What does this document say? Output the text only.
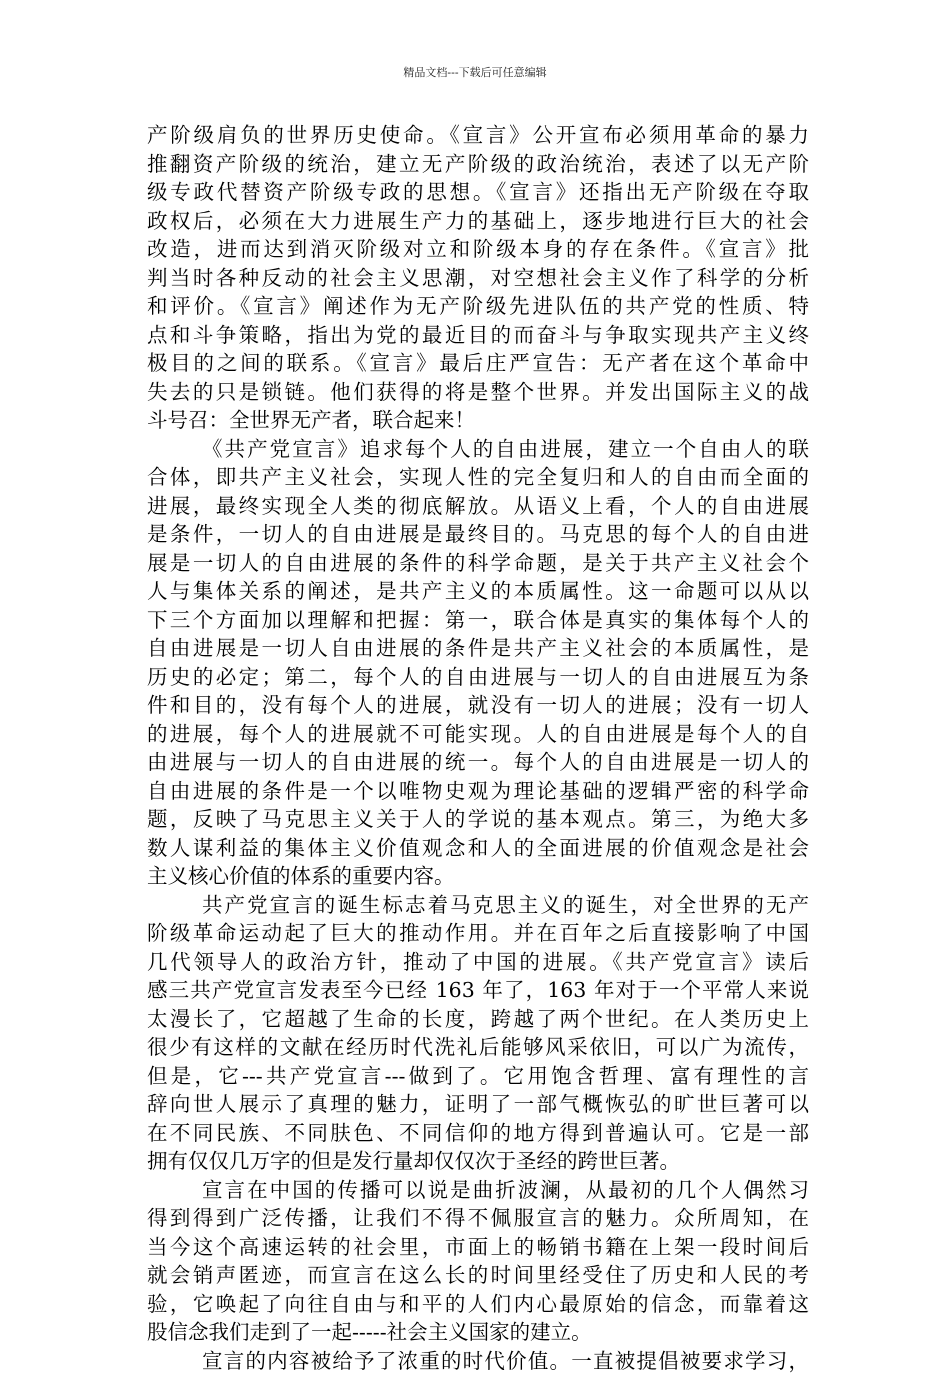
精品文档---下载后可任意编辑
产阶级肩负的世界历史使命。《宣言》公开宣布必须用革命的暴力
推翻资产阶级的统治，建立无产阶级的政治统治，表述了以无产阶
级专政代替资产阶级专政的思想。《宣言》还指出无产阶级在夺取
政权后，必须在大力进展生产力的基础上，逐步地进行巨大的社会
改造，进而达到消灭阶级对立和阶级本身的存在条件。《宣言》批
判当时各种反动的社会主义思潮，对空想社会主义作了科学的分析
和评价。《宣言》阐述作为无产阶级先进队伍的共产党的性质、特
点和斗争策略，指出为党的最近目的而奋斗与争取实现共产主义终
极目的之间的联系。《宣言》最后庄严宣告：无产者在这个革命中
失去的只是锁链。他们获得的将是整个世界。并发出国际主义的战
斗号召：全世界无产者，联合起来！
《共产党宣言》追求每个人的自由进展，建立一个自由人的联
合体，即共产主义社会，实现人性的完全复归和人的自由而全面的
进展，最终实现全人类的彻底解放。从语义上看，个人的自由进展
是条件，一切人的自由进展是最终目的。马克思的每个人的自由进
展是一切人的自由进展的条件的科学命题，是关于共产主义社会个
人与集体关系的阐述，是共产主义的本质属性。这一命题可以从以
下三个方面加以理解和把握：第一，联合体是真实的集体每个人的
自由进展是一切人自由进展的条件是共产主义社会的本质属性，是
历史的必定；第二，每个人的自由进展与一切人的自由进展互为条
件和目的，没有每个人的进展，就没有一切人的进展；没有一切人
的进展，每个人的进展就不可能实现。人的自由进展是每个人的自
由进展与一切人的自由进展的统一。每个人的自由进展是一切人的
自由进展的条件是一个以唯物史观为理论基础的逻辑严密的科学命
题，反映了马克思主义关于人的学说的基本观点。第三，为绝大多
数人谋利益的集体主义价值观念和人的全面进展的价值观念是社会
主义核心价值的体系的重要内容。
共产党宣言的诞生标志着马克思主义的诞生，对全世界的无产
阶级革命运动起了巨大的推动作用。并在百年之后直接影响了中国
几代领导人的政治方针，推动了中国的进展。《共产党宣言》读后
感三共产党宣言发表至今已经 163 年了，163 年对于一个平常人来说
太漫长了，它超越了生命的长度，跨越了两个世纪。在人类历史上
很少有这样的文献在经历时代洗礼后能够风采依旧，可以广为流传，
但是，它---共产党宣言---做到了。它用饱含哲理、富有理性的言
辞向世人展示了真理的魅力，证明了一部气概恢弘的旷世巨著可以
在不同民族、不同肤色、不同信仰的地方得到普遍认可。它是一部
拥有仅仅几万字的但是发行量却仅仅次于圣经的跨世巨著。
宣言在中国的传播可以说是曲折波澜，从最初的几个人偶然习
得到得到广泛传播，让我们不得不佩服宣言的魅力。众所周知，在
当今这个高速运转的社会里，市面上的畅销书籍在上架一段时间后
就会销声匿迹，而宣言在这么长的时间里经受住了历史和人民的考
验，它唤起了向往自由与和平的人们内心最原始的信念，而靠着这
股信念我们走到了一起-----社会主义国家的建立。
宣言的内容被给予了浓重的时代价值。一直被提倡被要求学习，
